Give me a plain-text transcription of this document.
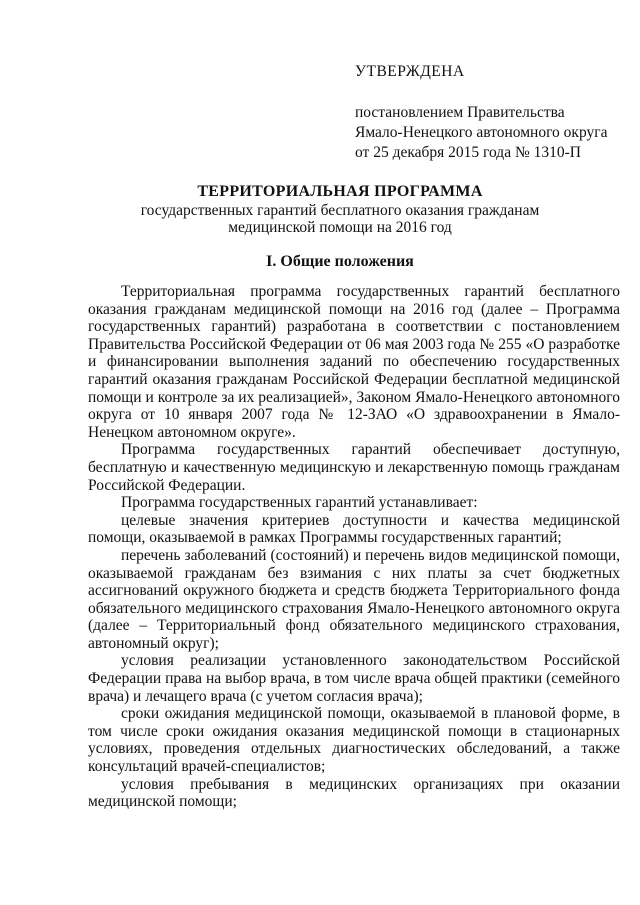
УТВЕРЖДЕНА
постановлением Правительства
Ямало-Ненецкого автономного округа
от 25 декабря 2015 года № 1310-П
ТЕРРИТОРИАЛЬНАЯ ПРОГРАММА
государственных гарантий бесплатного оказания гражданам
медицинской помощи на 2016 год
I. Общие положения

Территориальная программа государственных гарантий бесплатного оказания гражданам медицинской помощи на 2016 год (далее – Программа государственных гарантий) разработана в соответствии с постановлением Правительства Российской Федерации от 06 мая 2003 года № 255 «О разработке и финансировании выполнения заданий по обеспечению государственных гарантий оказания гражданам Российской Федерации бесплатной медицинской помощи и контроле за их реализацией», Законом Ямало-Ненецкого автономного округа от 10 января 2007 года № 12-ЗАО «О здравоохранении в Ямало-Ненецком автономном округе».

Программа государственных гарантий обеспечивает доступную, бесплатную и качественную медицинскую и лекарственную помощь гражданам Российской Федерации.

Программа государственных гарантий устанавливает:

целевые значения критериев доступности и качества медицинской помощи, оказываемой в рамках Программы государственных гарантий;

перечень заболеваний (состояний) и перечень видов медицинской помощи, оказываемой гражданам без взимания с них платы за счет бюджетных ассигнований окружного бюджета и средств бюджета Территориального фонда обязательного медицинского страхования Ямало-Ненецкого автономного округа (далее – Территориальный фонд обязательного медицинского страхования, автономный округ);

условия реализации установленного законодательством Российской Федерации права на выбор врача, в том числе врача общей практики (семейного врача) и лечащего врача (с учетом согласия врача);

сроки ожидания медицинской помощи, оказываемой в плановой форме, в том числе сроки ожидания оказания медицинской помощи в стационарных условиях, проведения отдельных диагностических обследований, а также консультаций врачей-специалистов;

условия пребывания в медицинских организациях при оказании медицинской помощи;
